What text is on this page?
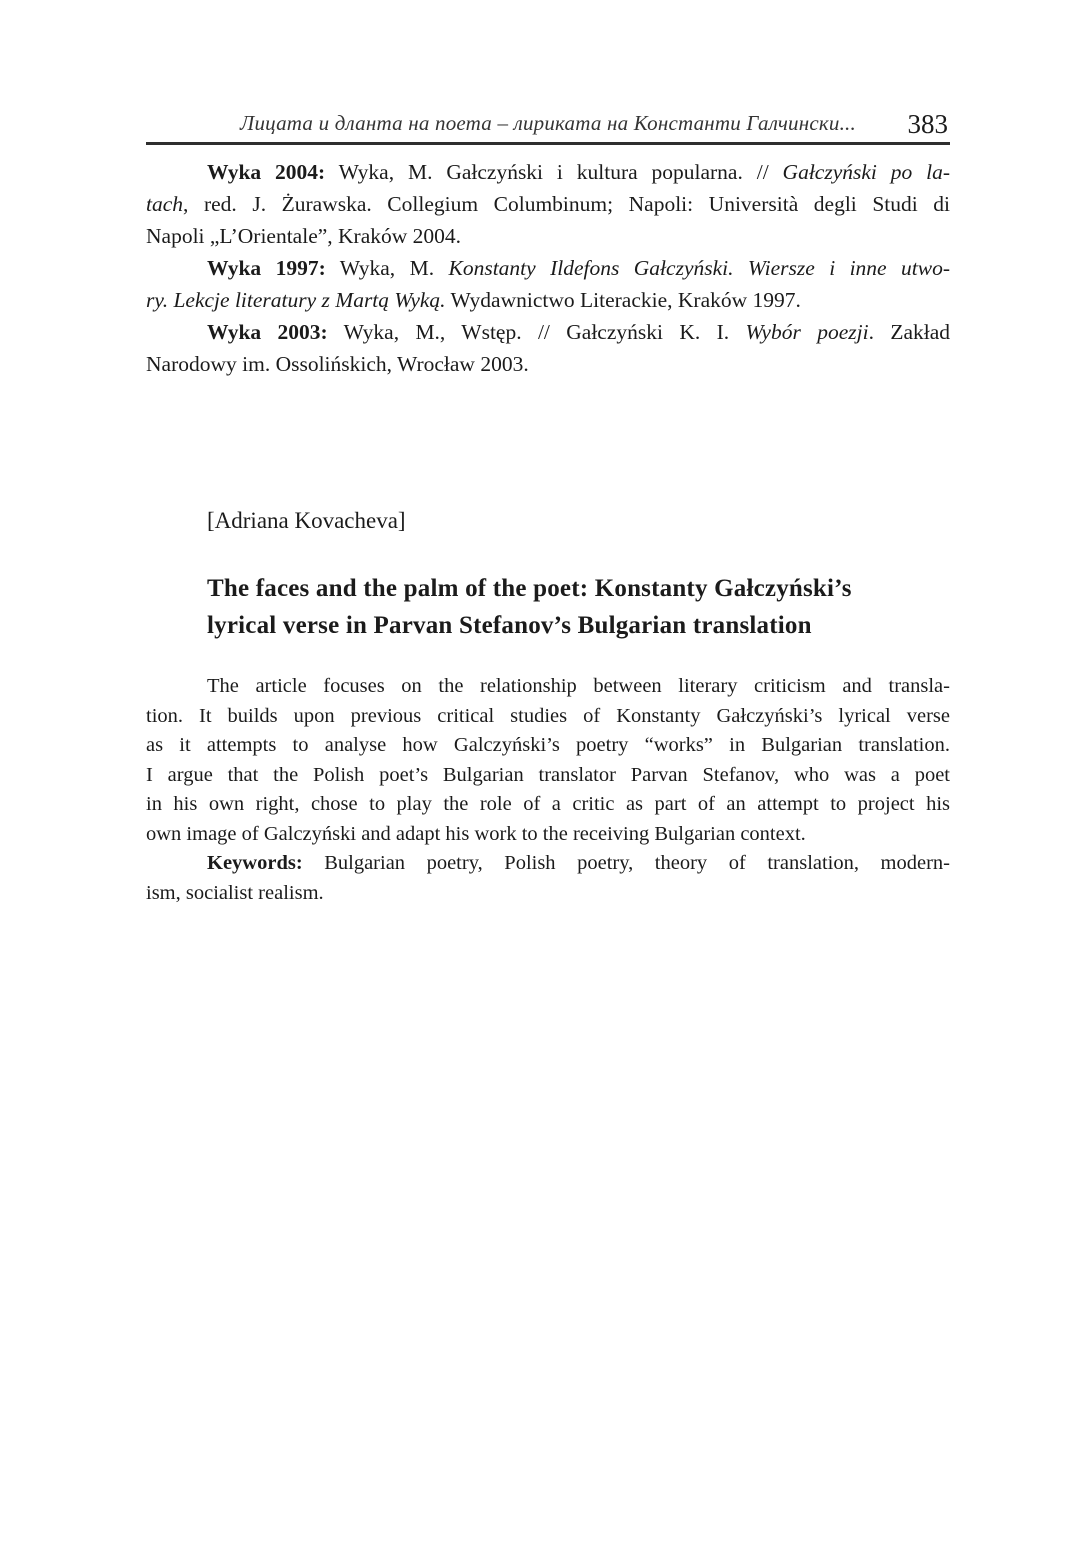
Лицата и дланта на поета – лириката на Константи Галчински...	383
Wyka 2004: Wyka, M. Gałczyński i kultura popularna. // Gałczyński po la-
tach, red. J. Żurawska. Collegium Columbinum; Napoli: Università degli Studi di
Napoli „L’Orientale”, Kraków 2004.
Wyka 1997: Wyka, M. Konstanty Ildefons Gałczyński. Wiersze i inne utwo-
ry. Lekcje literatury z Martą Wyką. Wydawnictwo Literackie, Kraków 1997.
Wyka 2003: Wyka, M., Wstęp. // Gałczyński K. I. Wybór poezji. Zakład
Narodowy im. Ossolińskich, Wrocław 2003.
[Adriana Kovacheva]
The faces and the palm of the poet: Konstanty Gałczyński’s
lyrical verse in Parvan Stefanov’s Bulgarian translation
The article focuses on the relationship between literary criticism and transla-
tion. It builds upon previous critical studies of Konstanty Gałczyński’s lyrical verse
as it attempts to analyse how Galczyński’s poetry “works” in Bulgarian translation.
I argue that the Polish poet’s Bulgarian translator Parvan Stefanov, who was a poet
in his own right, chose to play the role of a critic as part of an attempt to project his
own image of Galczyński and adapt his work to the receiving Bulgarian context.
Keywords: Bulgarian poetry, Polish poetry, theory of translation, modern-
ism, socialist realism.
